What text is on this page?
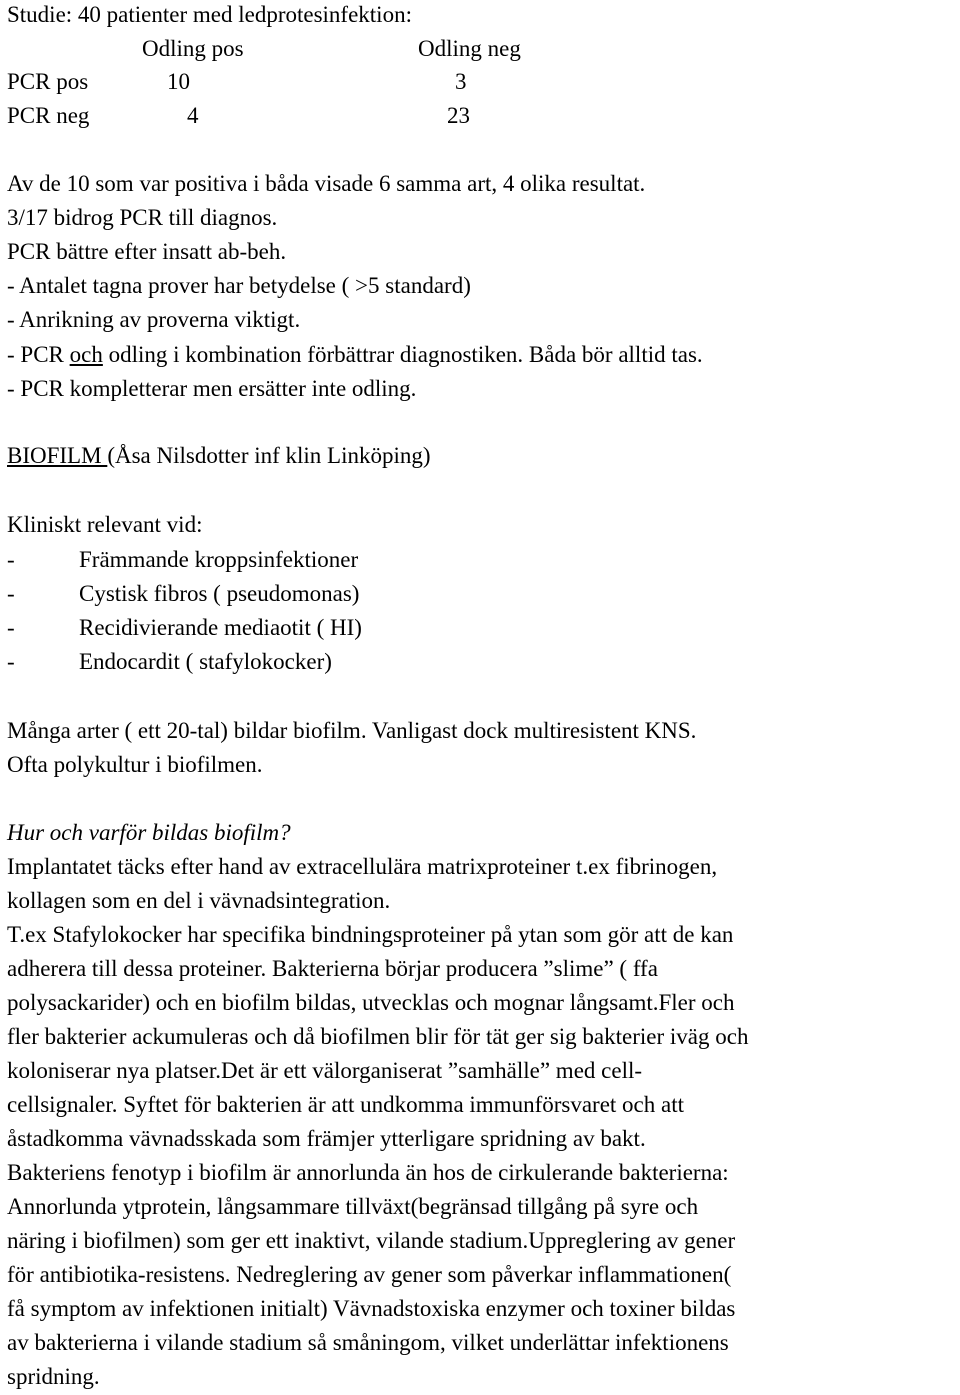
Studie: 40 patienter med ledprotesinfektion:
Odling pos	Odling neg
PCR pos	10	3
PCR neg	4	23
Av de 10 som var positiva i båda visade 6 samma art, 4 olika resultat.
3/17 bidrog PCR till diagnos.
PCR bättre efter insatt ab-beh.
- Antalet tagna prover har betydelse ( >5 standard)
- Anrikning av proverna viktigt.
- PCR och odling i kombination förbättrar diagnostiken. Båda bör alltid tas.
- PCR kompletterar men ersätter inte odling.
BIOFILM (Åsa Nilsdotter inf klin Linköping)
Kliniskt relevant vid:
-	Främmande kroppsinfektioner
-	Cystisk fibros ( pseudomonas)
-	Recidivierande mediaotit ( HI)
-	Endocardit ( stafylokocker)
Många arter ( ett 20-tal) bildar biofilm. Vanligast dock multiresistent KNS.
Ofta polykultur i biofilmen.
Hur och varför bildas biofilm?
Implantatet täcks efter hand av extracellulära matrixproteiner t.ex fibrinogen,
kollagen som en del i vävnadsintegration.
T.ex Stafylokocker har specifika bindningsproteiner på ytan som gör att de kan
adherera till dessa proteiner. Bakterierna börjar producera ”slime” ( ffa
polysackarider) och en biofilm bildas, utvecklas och mognar långsamt.Fler och
fler bakterier ackumuleras och då biofilmen blir för tät ger sig bakterier iväg och
koloniserar nya platser.Det är ett välorganiserat ”samhälle” med cell-
cellsignaler. Syftet för bakterien är att undkomma immunförsvaret och att
åstadkomma vävnadsskada som främjer ytterligare spridning av bakt.
Bakteriens fenotyp i biofilm är annorlunda än hos de cirkulerande bakterierna:
Annorlunda ytprotein, långsammare tillväxt(begränsad tillgång på syre och
näring i biofilmen) som ger ett inaktivt, vilande stadium.Uppreglering av gener
för antibiotika-resistens. Nedreglering av gener som påverkar inflammationen(
få symptom av infektionen initialt) Vävnadstoxiska enzymer och toxiner bildas
av bakterierna i vilande stadium så småningom, vilket underlättar infektionens
spridning.
